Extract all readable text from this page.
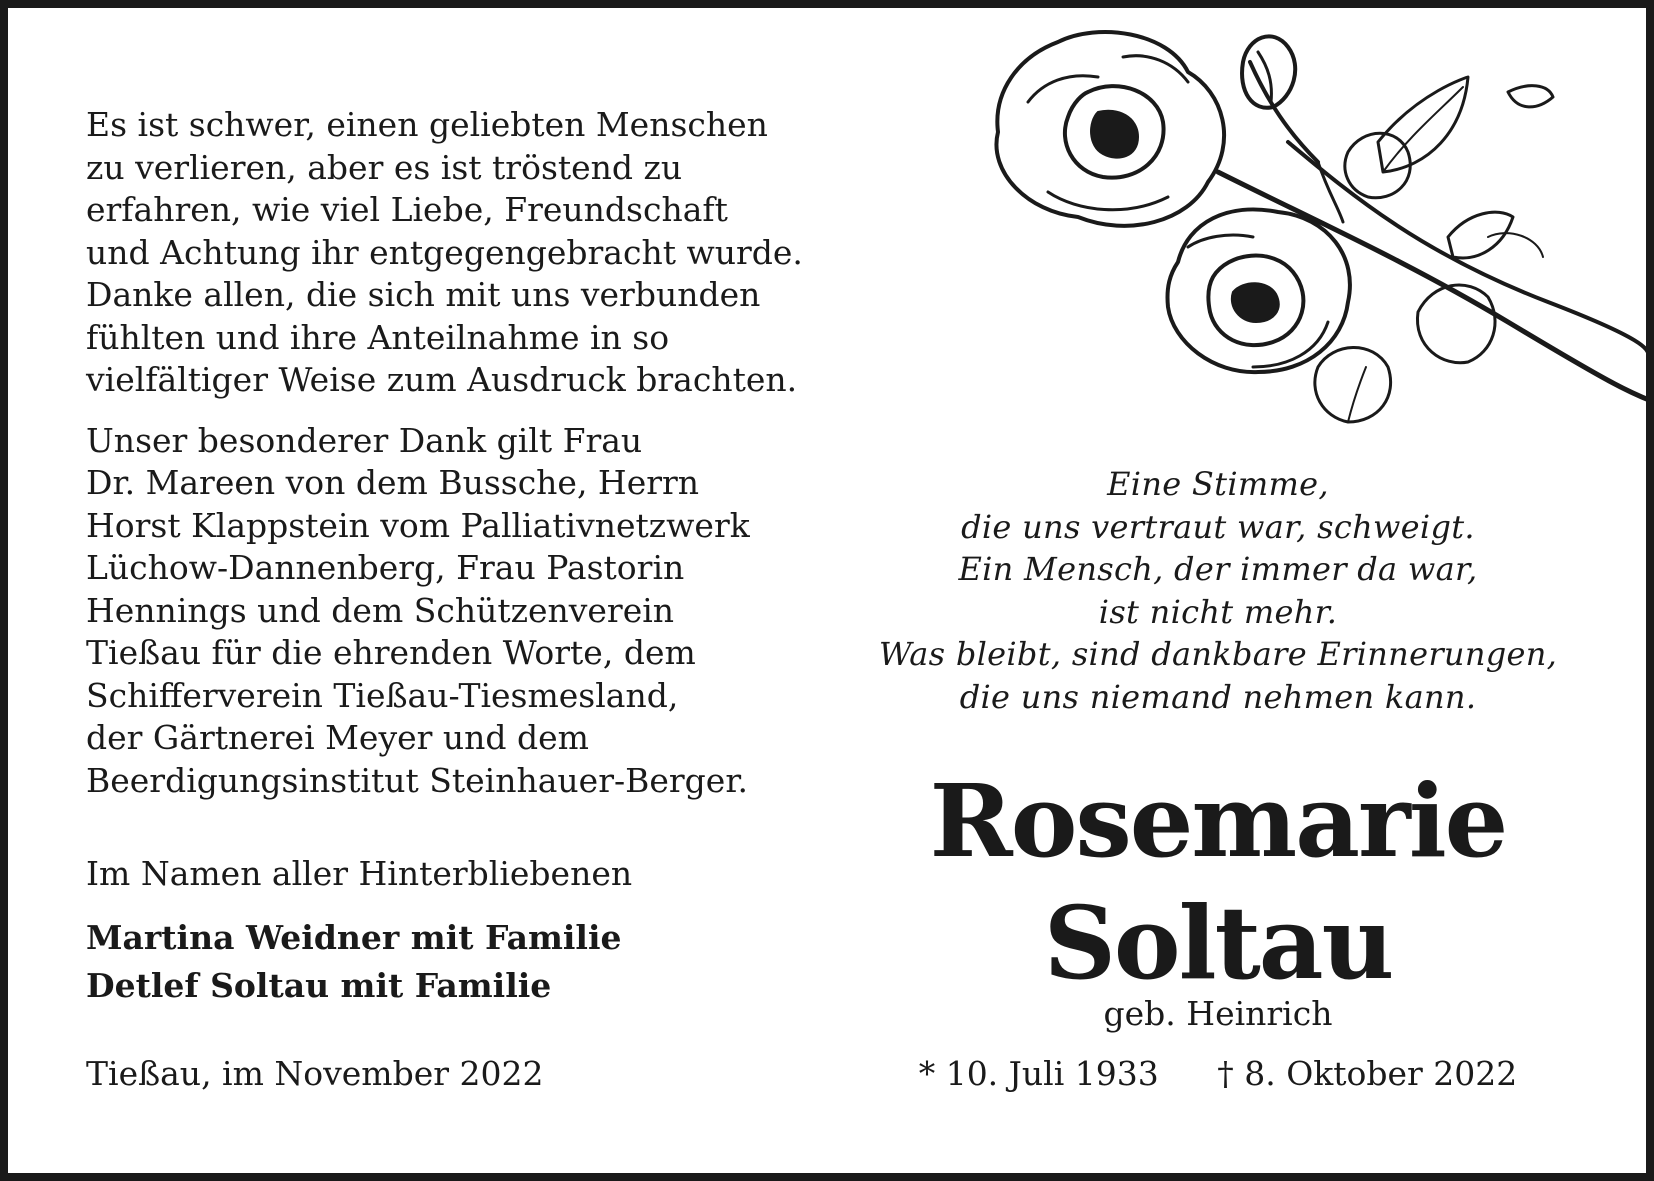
Es ist schwer, einen geliebten Menschen
zu verlieren, aber es ist tröstend zu
erfahren, wie viel Liebe, Freundschaft
und Achtung ihr entgegengebracht wurde.
Danke allen, die sich mit uns verbunden
fühlten und ihre Anteilnahme in so
vielfältiger Weise zum Ausdruck brachten.

Unser besonderer Dank gilt Frau
Dr. Mareen von dem Bussche, Herrn
Horst Klappstein vom Palliativnetzwerk
Lüchow-Dannenberg, Frau Pastorin
Hennings und dem Schützenverein
Tießau für die ehrenden Worte, dem
Schifferverein Tießau-Tiesmesland,
der Gärtnerei Meyer und dem
Beerdigungsinstitut Steinhauer-Berger.

Im Namen aller Hinterbliebenen
Martina Weidner mit Familie
Detlef Soltau mit Familie
Tießau, im November 2022
Eine Stimme,
die uns vertraut war, schweigt.
Ein Mensch, der immer da war,
ist nicht mehr.
Was bleibt, sind dankbare Erinnerungen,
die uns niemand nehmen kann.
Rosemarie
Soltau
geb. Heinrich
* 10. Juli 1933 † 8. Oktober 2022
